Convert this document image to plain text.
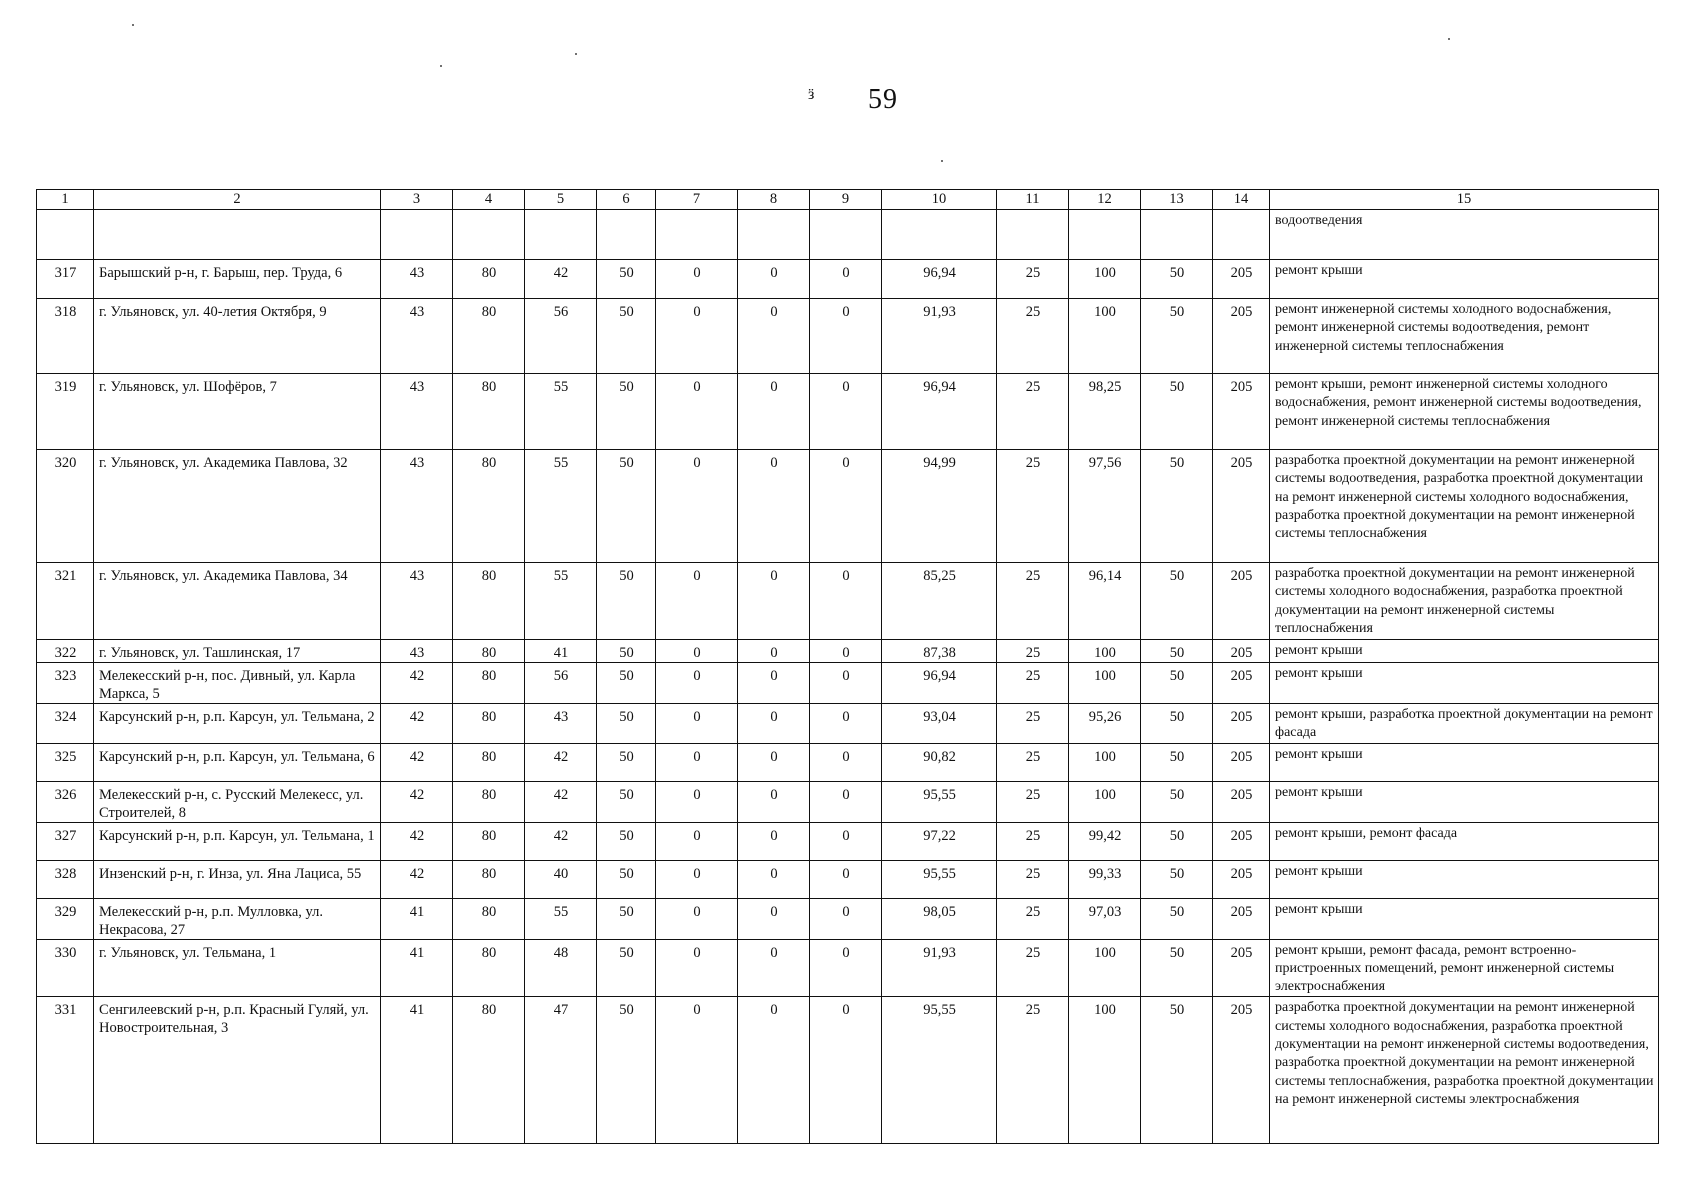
ӟ 59
1	2	3	4	5	6	7	8	9	10	11	12	13	14	15
														водоотведения
317	Барышский р-н, г. Барыш, пер. Труда, 6	43	80	42	50	0	0	0	96,94	25	100	50	205	ремонт крыши
318	г. Ульяновск, ул. 40-летия Октября, 9	43	80	56	50	0	0	0	91,93	25	100	50	205	ремонт инженерной системы холодного водоснабжения, ремонт инженерной системы водоотведения, ремонт инженерной системы теплоснабжения
319	г. Ульяновск, ул. Шофёров, 7	43	80	55	50	0	0	0	96,94	25	98,25	50	205	ремонт крыши, ремонт инженерной системы холодного водоснабжения, ремонт инженерной системы водоотведения, ремонт инженерной системы теплоснабжения
320	г. Ульяновск, ул. Академика Павлова, 32	43	80	55	50	0	0	0	94,99	25	97,56	50	205	разработка проектной документации на ремонт инженерной системы водоотведения, разработка проектной документации на ремонт инженерной системы холодного водоснабжения, разработка проектной документации на ремонт инженерной системы теплоснабжения
321	г. Ульяновск, ул. Академика Павлова, 34	43	80	55	50	0	0	0	85,25	25	96,14	50	205	разработка проектной документации на ремонт инженерной системы холодного водоснабжения, разработка проектной документации на ремонт инженерной системы теплоснабжения
322	г. Ульяновск, ул. Ташлинская, 17	43	80	41	50	0	0	0	87,38	25	100	50	205	ремонт крыши
323	Мелекесский р-н, пос. Дивный, ул. Карла Маркса, 5	42	80	56	50	0	0	0	96,94	25	100	50	205	ремонт крыши
324	Карсунский р-н, р.п. Карсун, ул. Тельмана, 2	42	80	43	50	0	0	0	93,04	25	95,26	50	205	ремонт крыши, разработка проектной документации на ремонт фасада
325	Карсунский р-н, р.п. Карсун, ул. Тельмана, 6	42	80	42	50	0	0	0	90,82	25	100	50	205	ремонт крыши
326	Мелекесский р-н, с. Русский Мелекесс, ул. Строителей, 8	42	80	42	50	0	0	0	95,55	25	100	50	205	ремонт крыши
327	Карсунский р-н, р.п. Карсун, ул. Тельмана, 1	42	80	42	50	0	0	0	97,22	25	99,42	50	205	ремонт крыши, ремонт фасада
328	Инзенский р-н, г. Инза, ул. Яна Лациса, 55	42	80	40	50	0	0	0	95,55	25	99,33	50	205	ремонт крыши
329	Мелекесский р-н, р.п. Мулловка, ул. Некрасова, 27	41	80	55	50	0	0	0	98,05	25	97,03	50	205	ремонт крыши
330	г. Ульяновск, ул. Тельмана, 1	41	80	48	50	0	0	0	91,93	25	100	50	205	ремонт крыши, ремонт фасада, ремонт встроенно-пристроенных помещений, ремонт инженерной системы электроснабжения
331	Сенгилеевский р-н, р.п. Красный Гуляй, ул. Новостроительная, 3	41	80	47	50	0	0	0	95,55	25	100	50	205	разработка проектной документации на ремонт инженерной системы холодного водоснабжения, разработка проектной документации на ремонт инженерной системы водоотведения, разработка проектной документации на ремонт инженерной системы теплоснабжения, разработка проектной документации на ремонт инженерной системы электроснабжения
